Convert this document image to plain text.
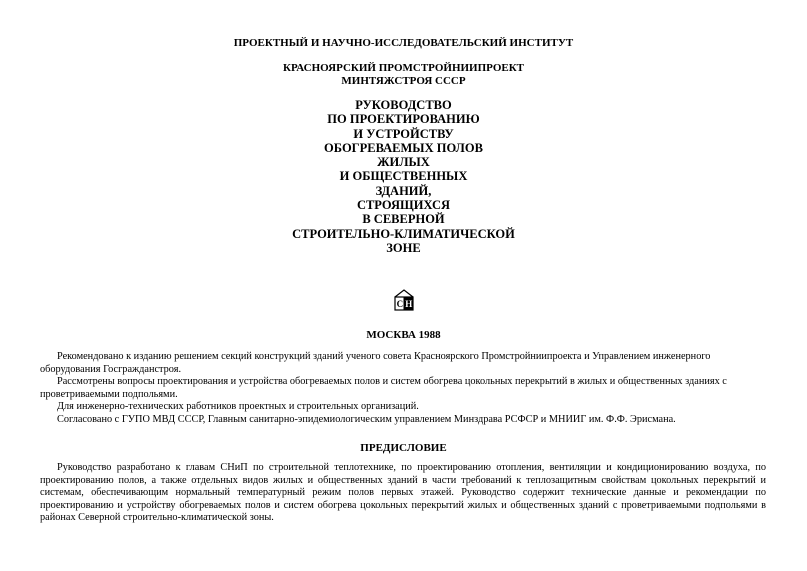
ПРОЕКТНЫЙ И НАУЧНО-ИССЛЕДОВАТЕЛЬСКИЙ ИНСТИТУТ
КРАСНОЯРСКИЙ ПРОМСТРОЙНИИПРОЕКТ
МИНТЯЖСТРОЯ СССР
РУКОВОДСТВО
ПО ПРОЕКТИРОВАНИЮ
И УСТРОЙСТВУ
ОБОГРЕВАЕМЫХ ПОЛОВ
ЖИЛЫХ
И ОБЩЕСТВЕННЫХ
ЗДАНИЙ,
СТРОЯЩИХСЯ
В СЕВЕРНОЙ
СТРОИТЕЛЬНО-КЛИМАТИЧЕСКОЙ
ЗОНЕ
С Н
МОСКВА 1988

Рекомендовано к изданию решением секций конструкций зданий ученого совета Красноярского Промстройниипроекта и Управлением инженерного оборудования Госгражданстроя.

Рассмотрены вопросы проектирования и устройства обогреваемых полов и систем обогрева цокольных перекрытий в жилых и общественных зданиях с проветриваемыми подпольями.

Для инженерно-технических работников проектных и строительных организаций.

Согласовано с ГУПО МВД СССР, Главным санитарно-эпидемиологическим управлением Минздрава РСФСР и МНИИГ им. Ф.Ф. Эрисмана.

ПРЕДИСЛОВИЕ

Руководство разработано к главам СНиП по строительной теплотехнике, по проектированию отопления, вентиляции и кондиционированию воздуха, по проектированию полов, а также отдельных видов жилых и общественных зданий в части требований к теплозащитным свойствам цокольных перекрытий и системам, обеспечивающим нормальный температурный режим полов первых этажей. Руководство содержит технические данные и рекомендации по проектированию и устройству обогреваемых полов и систем обогрева цокольных перекрытий жилых и общественных зданий с проветриваемыми подпольями в районах Северной строительно-климатической зоны.
